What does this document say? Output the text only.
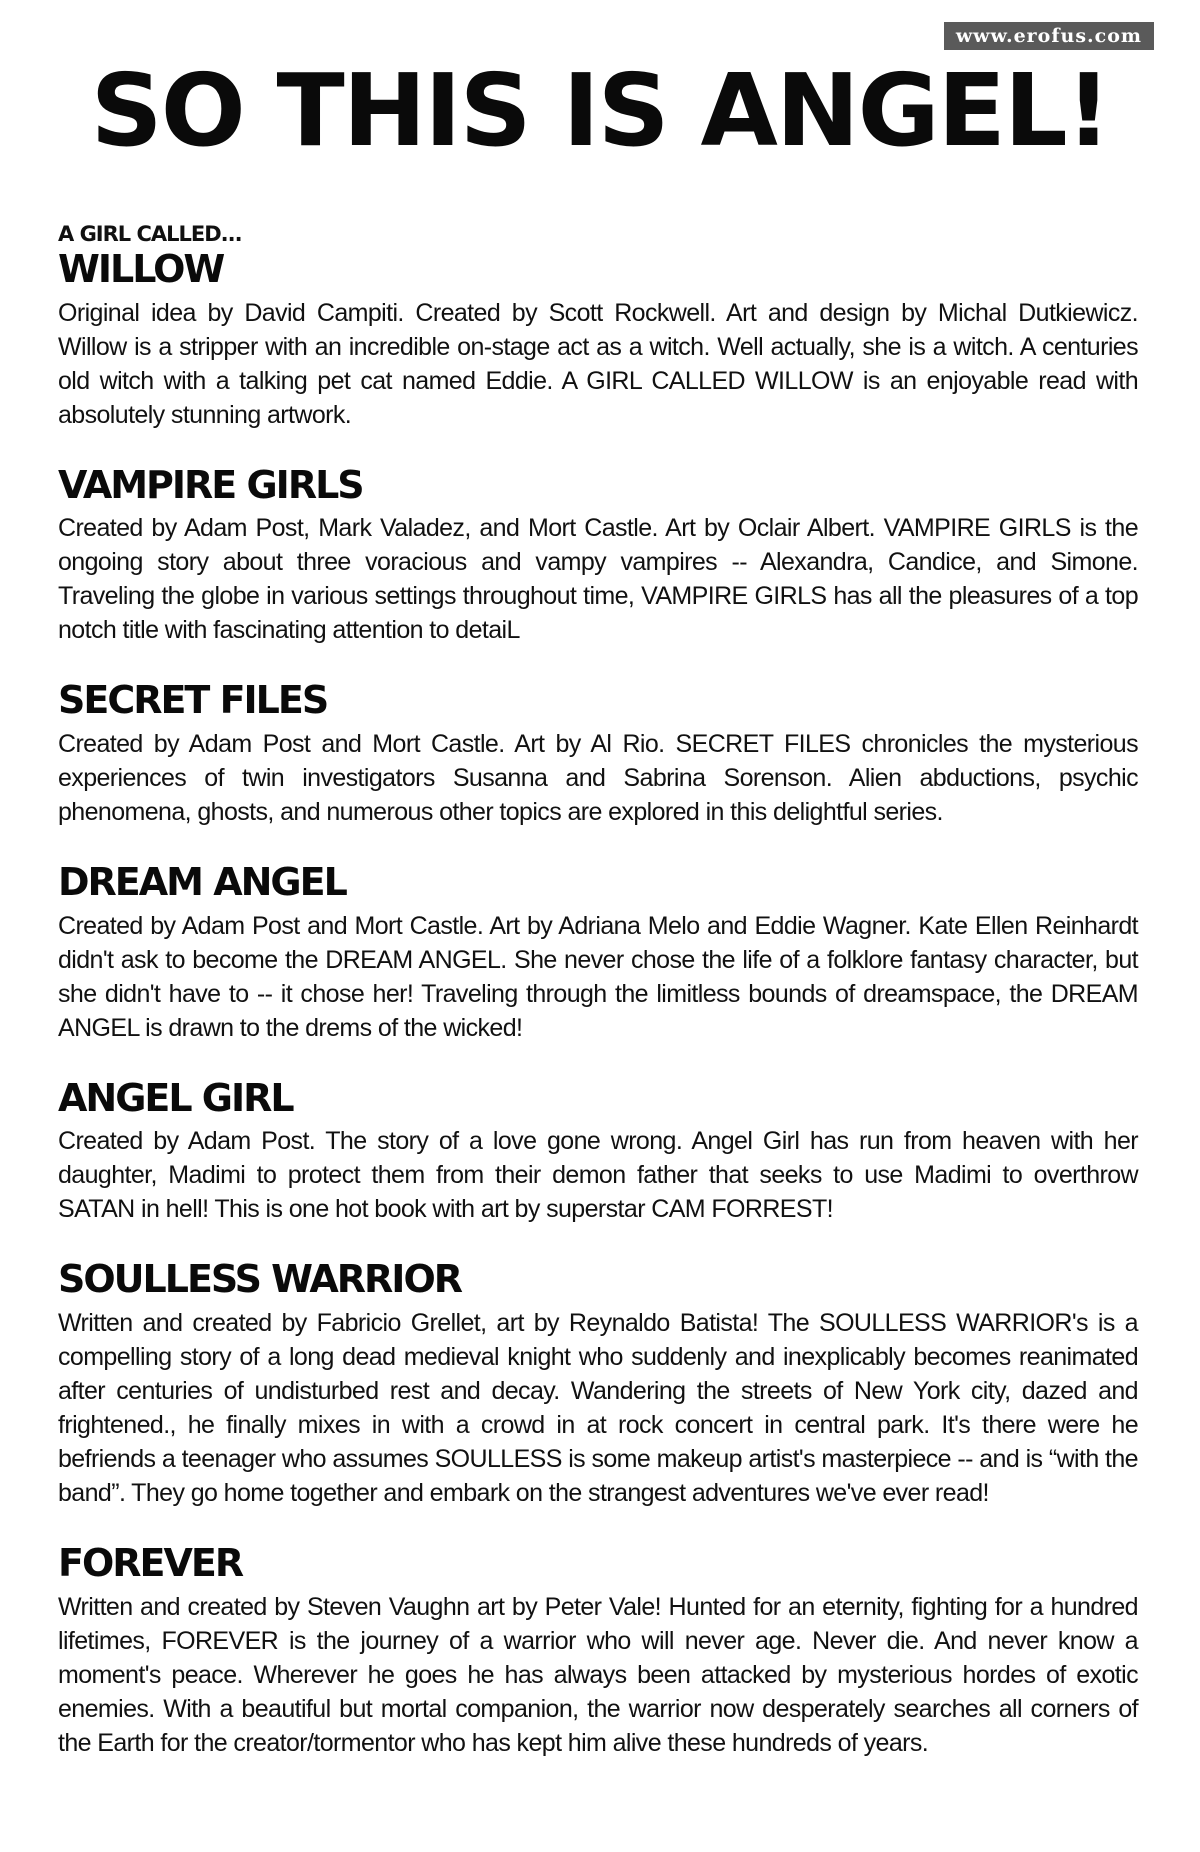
www.erofus.com
SO THIS IS ANGEL!
A GIRL CALLED...
WILLOW

Original idea by David Campiti. Created by Scott Rockwell. Art and design by Michal Dutkiewicz. Willow is a stripper with an incredible on-stage act as a witch. Well actually, she is a witch. A centuries old witch with a talking pet cat named Eddie. A GIRL CALLED WILLOW is an enjoyable read with absolutely stunning artwork.

VAMPIRE GIRLS

Created by Adam Post, Mark Valadez, and Mort Castle. Art by Oclair Albert. VAMPIRE GIRLS is the ongoing story about three voracious and vampy vampires -- Alexandra, Candice, and Simone. Traveling the globe in various settings throughout time, VAMPIRE GIRLS has all the pleasures of a top notch title with fascinating attention to detaiL

SECRET FILES

Created by Adam Post and Mort Castle. Art by Al Rio. SECRET FILES chronicles the mysterious experiences of twin investigators Susanna and Sabrina Sorenson. Alien abductions, psychic phenomena, ghosts, and numerous other topics are explored in this delightful series.

DREAM ANGEL

Created by Adam Post and Mort Castle. Art by Adriana Melo and Eddie Wagner. Kate Ellen Reinhardt didn't ask to become the DREAM ANGEL. She never chose the life of a folklore fantasy character, but she didn't have to -- it chose her! Traveling through the limitless bounds of dreamspace, the DREAM ANGEL is drawn to the drems of the wicked!

ANGEL GIRL

Created by Adam Post. The story of a love gone wrong. Angel Girl has run from heaven with her daughter, Madimi to protect them from their demon father that seeks to use Madimi to overthrow SATAN in hell! This is one hot book with art by superstar CAM FORREST!

SOULLESS WARRIOR

Written and created by Fabricio Grellet, art by Reynaldo Batista! The SOULLESS WARRIOR's is a compelling story of a long dead medieval knight who suddenly and inexplicably becomes reanimated after centuries of undisturbed rest and decay. Wandering the streets of New York city, dazed and frightened., he finally mixes in with a crowd in at rock concert in central park. It's there were he befriends a teenager who assumes SOULLESS is some makeup artist's masterpiece -- and is “with the band”. They go home together and embark on the strangest adventures we've ever read!

FOREVER

Written and created by Steven Vaughn art by Peter Vale! Hunted for an eternity, fighting for a hundred lifetimes, FOREVER is the journey of a warrior who will never age. Never die. And never know a moment's peace. Wherever he goes he has always been attacked by mysterious hordes of exotic enemies. With a beautiful but mortal companion, the warrior now desperately searches all corners of the Earth for the creator/tormentor who has kept him alive these hundreds of years.
